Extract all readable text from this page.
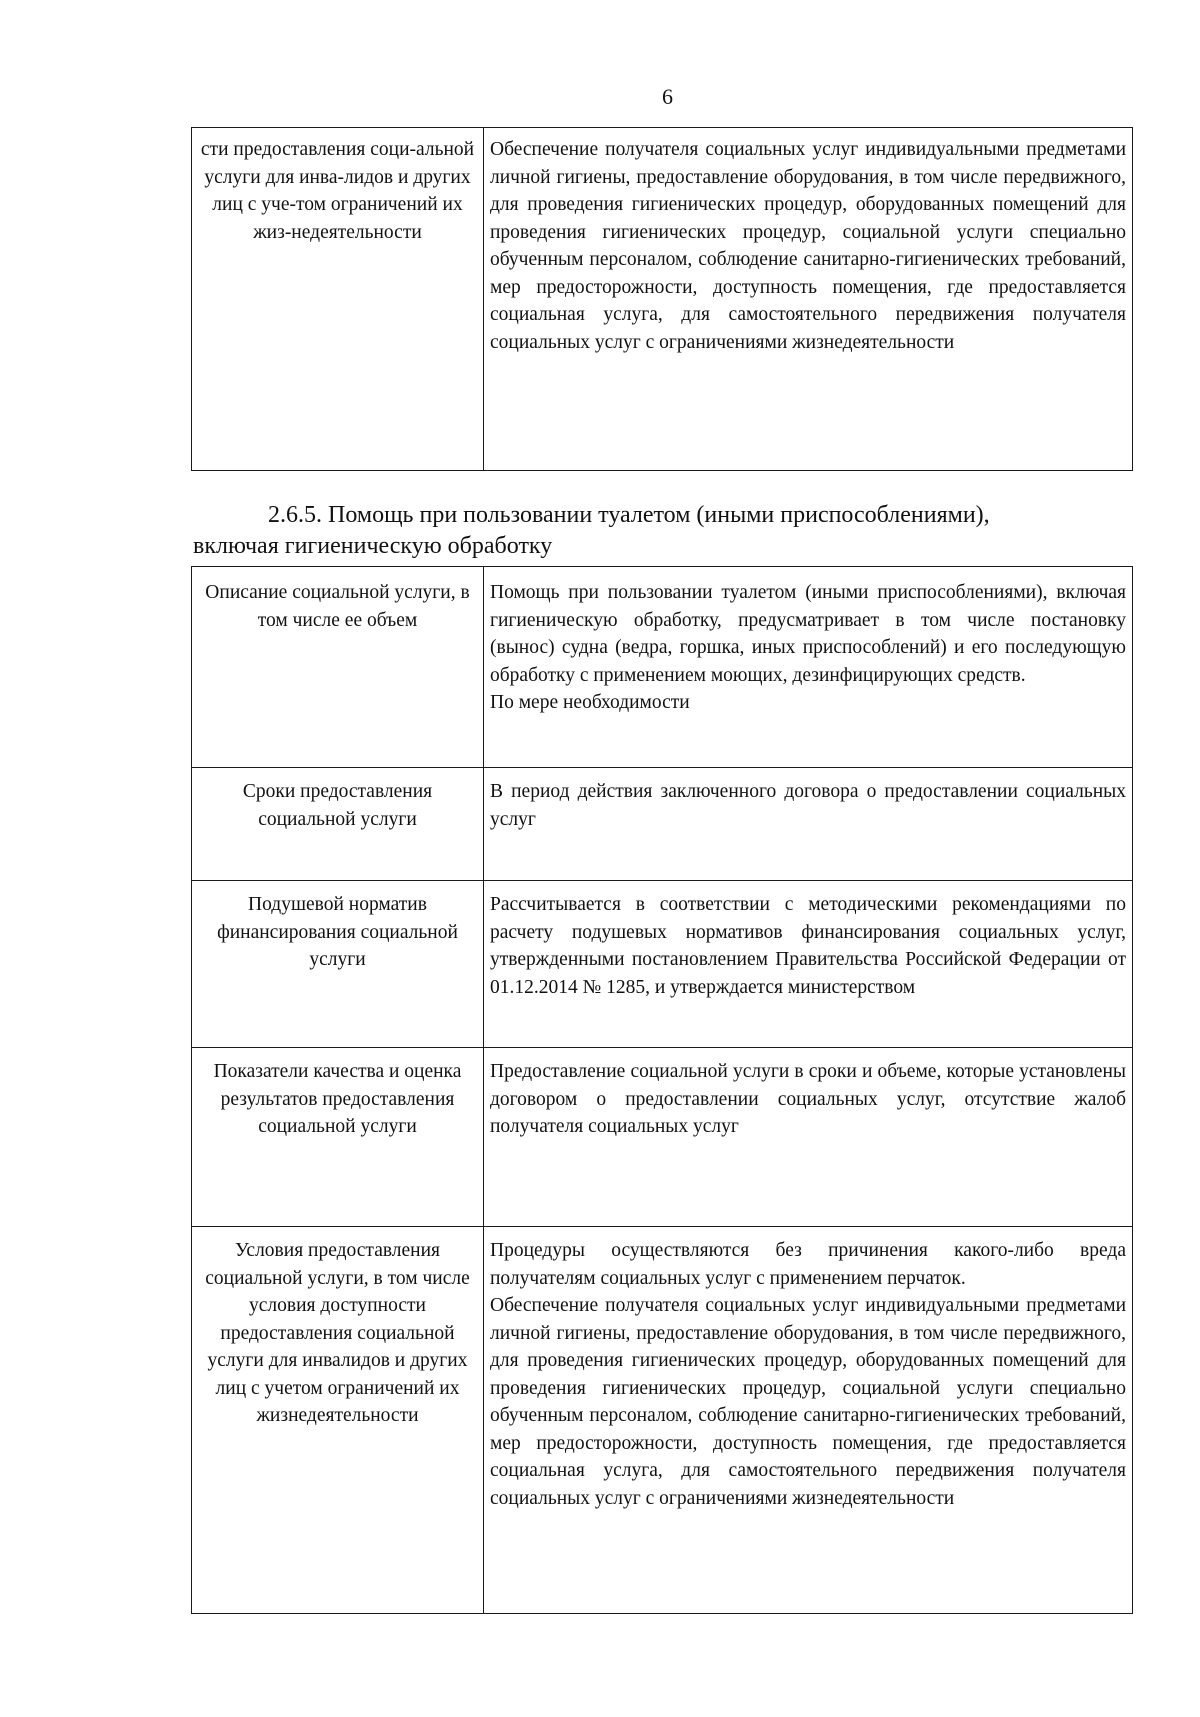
6
сти предоставления соци-альной услуги для инва-лидов и других лиц с уче-том ограничений их жиз-недеятельности	Обеспечение получателя социальных услуг индивидуальными предметами личной гигиены, предоставление оборудования, в том числе передвижного, для проведения гигиенических процедур, оборудованных помещений для проведения гигиенических процедур, социальной услуги специально обученным персоналом, соблюдение санитарно-гигиенических требований, мер предосторожности, доступность помещения, где предоставляется социальная услуга, для самостоятельного передвижения получателя социальных услуг с ограничениями жизнедеятельности
2.6.5. Помощь при пользовании туалетом (иными приспособлениями),
включая гигиеническую обработку
Описание социальной услуги, в том числе ее объем	Помощь при пользовании туалетом (иными приспособлениями), включая гигиеническую обработку, предусматривает в том числе постановку (вынос) судна (ведра, горшка, иных приспособлений) и его последующую обработку с применением моющих, дезинфицирующих средств.
По мере необходимости

Сроки предоставления социальной услуги	В период действия заключенного договора о предоставлении социальных услуг
Подушевой норматив финансирования социальной услуги	Рассчитывается в соответствии с методическими рекомендациями по расчету подушевых нормативов финансирования социальных услуг, утвержденными постановлением Правительства Российской Федерации от 01.12.2014 № 1285, и утверждается министерством
Показатели качества и оценка результатов предоставления социальной услуги	Предоставление социальной услуги в сроки и объеме, которые установлены договором о предоставлении социальных услуг, отсутствие жалоб получателя социальных услуг
Условия предоставления социальной услуги, в том числе условия доступности предоставления социальной услуги для инвалидов и других лиц с учетом ограничений их жизнедеятельности	Процедуры осуществляются без причинения какого-либо вреда получателям социальных услуг с применением перчаток.
Обеспечение получателя социальных услуг индивидуальными предметами личной гигиены, предоставление оборудования, в том числе передвижного, для проведения гигиенических процедур, оборудованных помещений для проведения гигиенических процедур, социальной услуги специально обученным персоналом, соблюдение санитарно-гигиенических требований, мер предосторожности, доступность помещения, где предоставляется социальная услуга, для самостоятельного передвижения получателя социальных услуг с ограничениями жизнедеятельности
